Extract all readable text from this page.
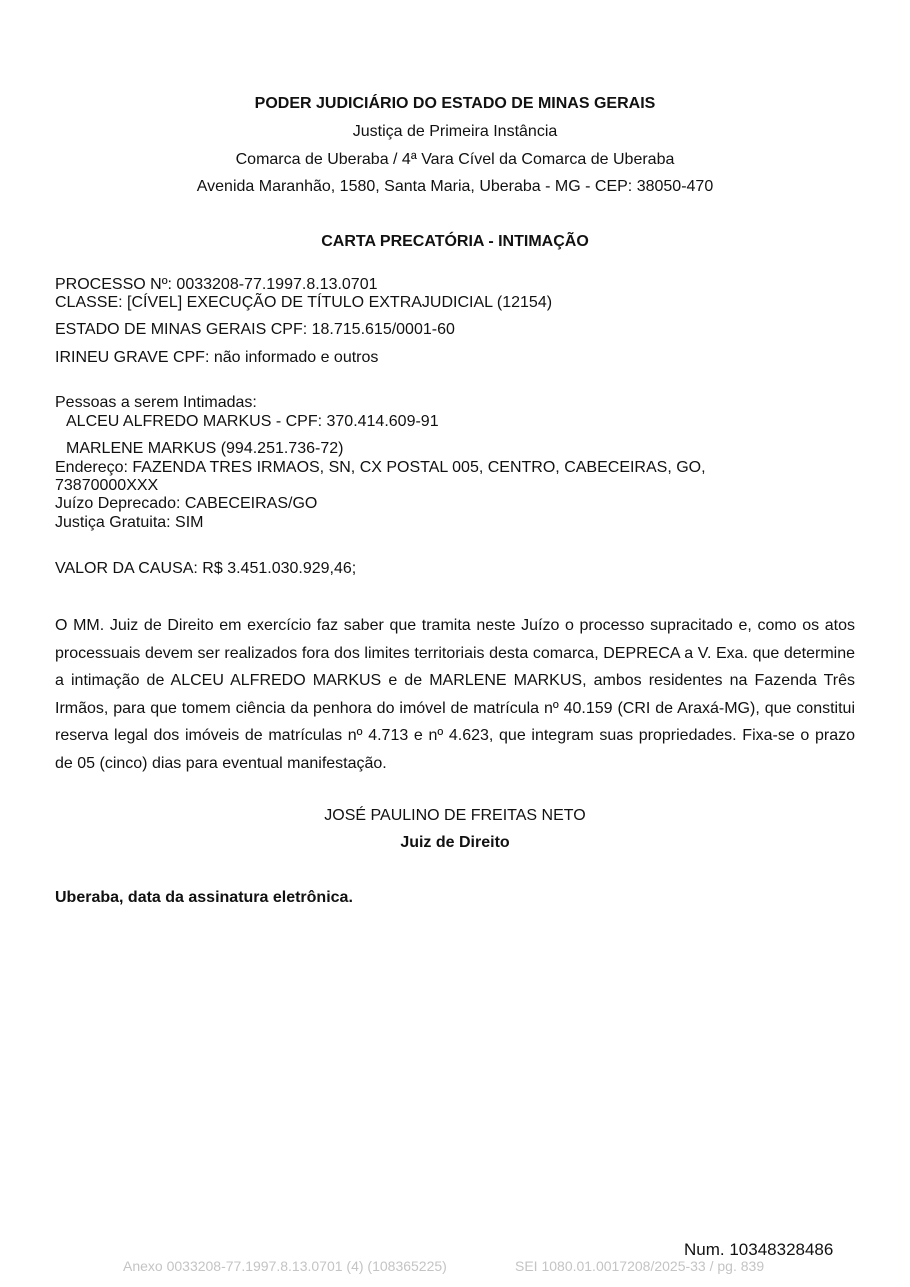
PODER JUDICIÁRIO DO ESTADO DE MINAS GERAIS
Justiça de Primeira Instância
Comarca de Uberaba / 4ª Vara Cível da Comarca de Uberaba
Avenida Maranhão, 1580, Santa Maria, Uberaba - MG - CEP: 38050-470
CARTA PRECATÓRIA - INTIMAÇÃO
PROCESSO Nº: 0033208-77.1997.8.13.0701
CLASSE: [CÍVEL] EXECUÇÃO DE TÍTULO EXTRAJUDICIAL (12154)
ESTADO DE MINAS GERAIS CPF: 18.715.615/0001-60
IRINEU GRAVE CPF: não informado e outros
Pessoas a serem Intimadas:
ALCEU ALFREDO MARKUS - CPF: 370.414.609-91
MARLENE MARKUS (994.251.736-72)
Endereço: FAZENDA TRES IRMAOS, SN, CX POSTAL 005, CENTRO, CABECEIRAS, GO,
73870000XXX
Juízo Deprecado: CABECEIRAS/GO
Justiça Gratuita: SIM
VALOR DA CAUSA: R$ 3.451.030.929,46;
O MM. Juiz de Direito em exercício faz saber que tramita neste Juízo o processo supracitado e, como os atos processuais devem ser realizados fora dos limites territoriais desta comarca, DEPRECA a V. Exa. que determine a intimação de ALCEU ALFREDO MARKUS e de MARLENE MARKUS, ambos residentes na Fazenda Três Irmãos, para que tomem ciência da penhora do imóvel de matrícula nº 40.159 (CRI de Araxá-MG), que constitui reserva legal dos imóveis de matrículas nº 4.713 e nº 4.623, que integram suas propriedades. Fixa-se o prazo de 05 (cinco) dias para eventual manifestação.
JOSÉ PAULINO DE FREITAS NETO
Juiz de Direito
Uberaba, data da assinatura eletrônica.
Num. 10348328486
Anexo 0033208-77.1997.8.13.0701 (4) (108365225)	SEI 1080.01.0017208/2025-33 / pg. 839
